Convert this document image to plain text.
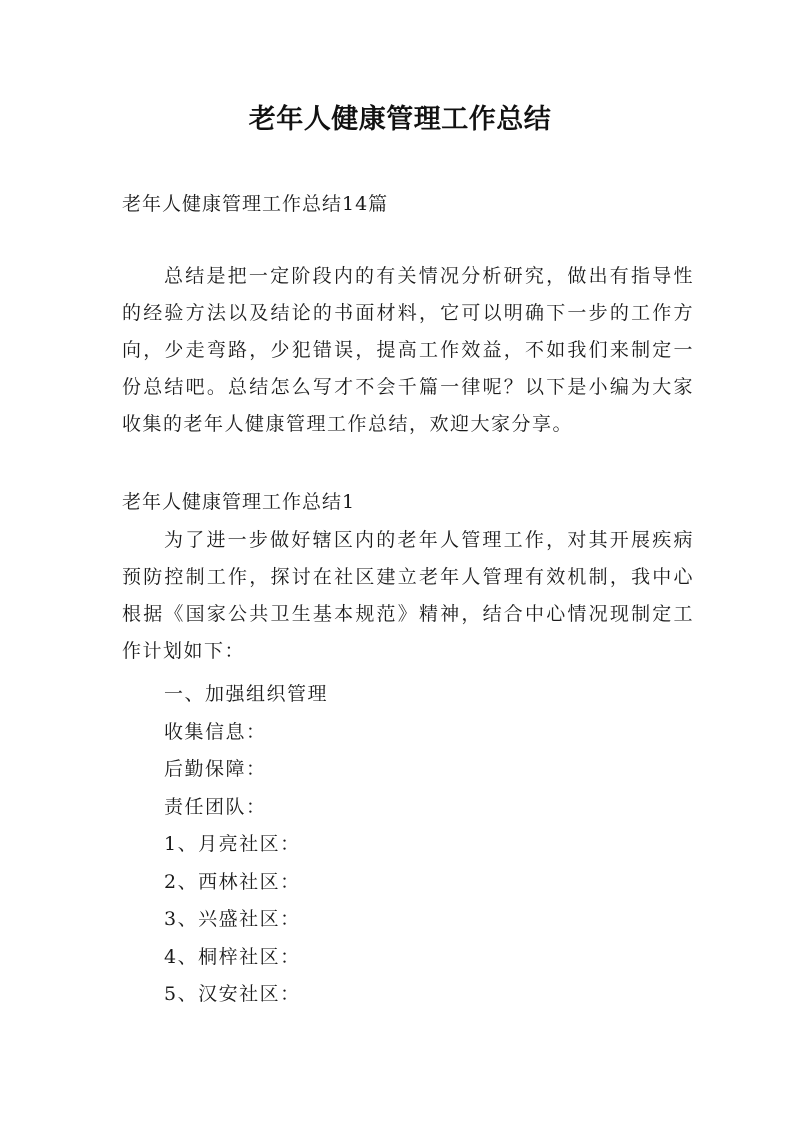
老年人健康管理工作总结
老年人健康管理工作总结14篇
总结是把一定阶段内的有关情况分析研究，做出有指导性的经验方法以及结论的书面材料，它可以明确下一步的工作方向，少走弯路，少犯错误，提高工作效益，不如我们来制定一份总结吧。总结怎么写才不会千篇一律呢？以下是小编为大家收集的老年人健康管理工作总结，欢迎大家分享。
老年人健康管理工作总结1
为了进一步做好辖区内的老年人管理工作，对其开展疾病预防控制工作，探讨在社区建立老年人管理有效机制，我中心根据《国家公共卫生基本规范》精神，结合中心情况现制定工作计划如下：
一、加强组织管理
收集信息：
后勤保障：
责任团队：
1、月亮社区：
2、西林社区：
3、兴盛社区：
4、桐梓社区：
5、汉安社区：
